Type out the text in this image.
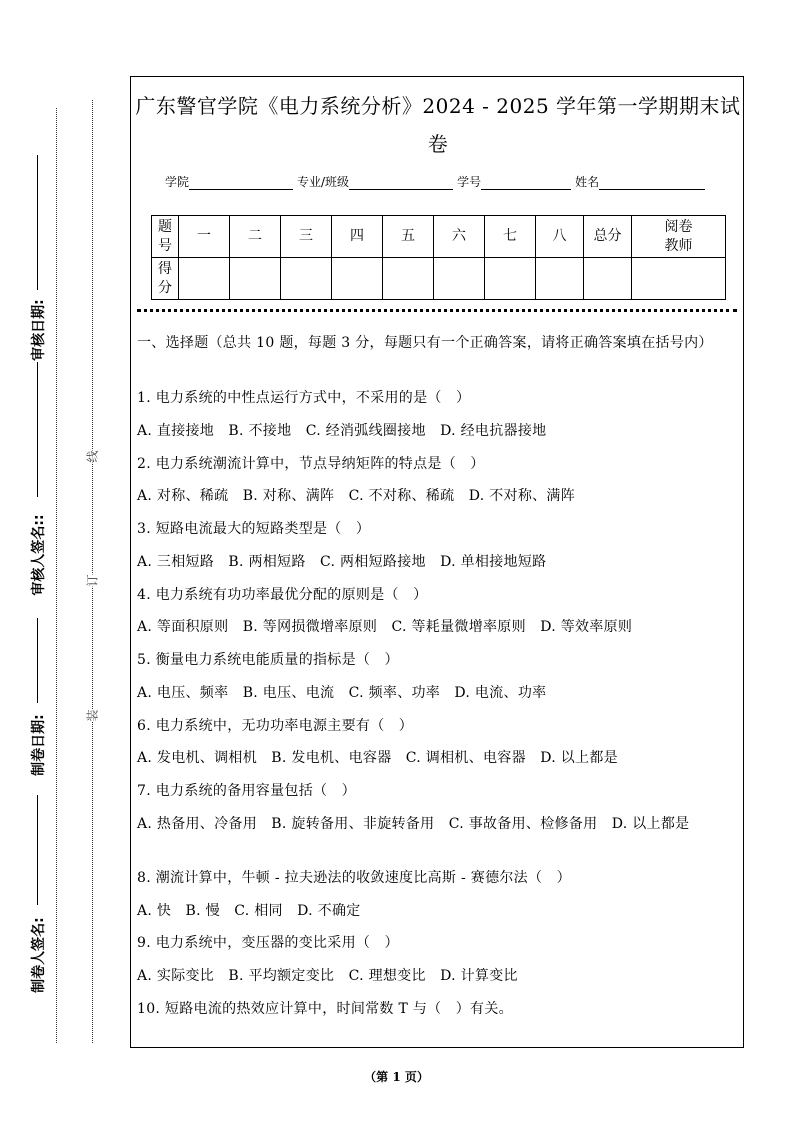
审核日期:
审核人签名::
制卷日期:
制卷人签名:
线
订
装
广东警官学院《电力系统分析》2024 - 2025 学年第一学期期末试卷
学院	专业/班级	学号	姓名
题号	一	二	三	四	五	六	七	八	总分	阅卷教师
得分										
一、选择题（总共 10 题，每题 3 分，每题只有一个正确答案，请将正确答案填在括号内）
1. 电力系统的中性点运行方式中，不采用的是（　）
A. 直接接地　B. 不接地　C. 经消弧线圈接地　D. 经电抗器接地
2. 电力系统潮流计算中，节点导纳矩阵的特点是（　）
A. 对称、稀疏　B. 对称、满阵　C. 不对称、稀疏　D. 不对称、满阵
3. 短路电流最大的短路类型是（　）
A. 三相短路　B. 两相短路　C. 两相短路接地　D. 单相接地短路
4. 电力系统有功功率最优分配的原则是（　）
A. 等面积原则　B. 等网损微增率原则　C. 等耗量微增率原则　D. 等效率原则
5. 衡量电力系统电能质量的指标是（　）
A. 电压、频率　B. 电压、电流　C. 频率、功率　D. 电流、功率
6. 电力系统中，无功功率电源主要有（　）
A. 发电机、调相机　B. 发电机、电容器　C. 调相机、电容器　D. 以上都是
7. 电力系统的备用容量包括（　）
A. 热备用、冷备用　B. 旋转备用、非旋转备用　C. 事故备用、检修备用　D. 以上都是
8. 潮流计算中，牛顿 - 拉夫逊法的收敛速度比高斯 - 赛德尔法（　）
A. 快　B. 慢　C. 相同　D. 不确定
9. 电力系统中，变压器的变比采用（　）
A. 实际变比　B. 平均额定变比　C. 理想变比　D. 计算变比
10. 短路电流的热效应计算中，时间常数 T 与（　）有关。
（第 1 页）
